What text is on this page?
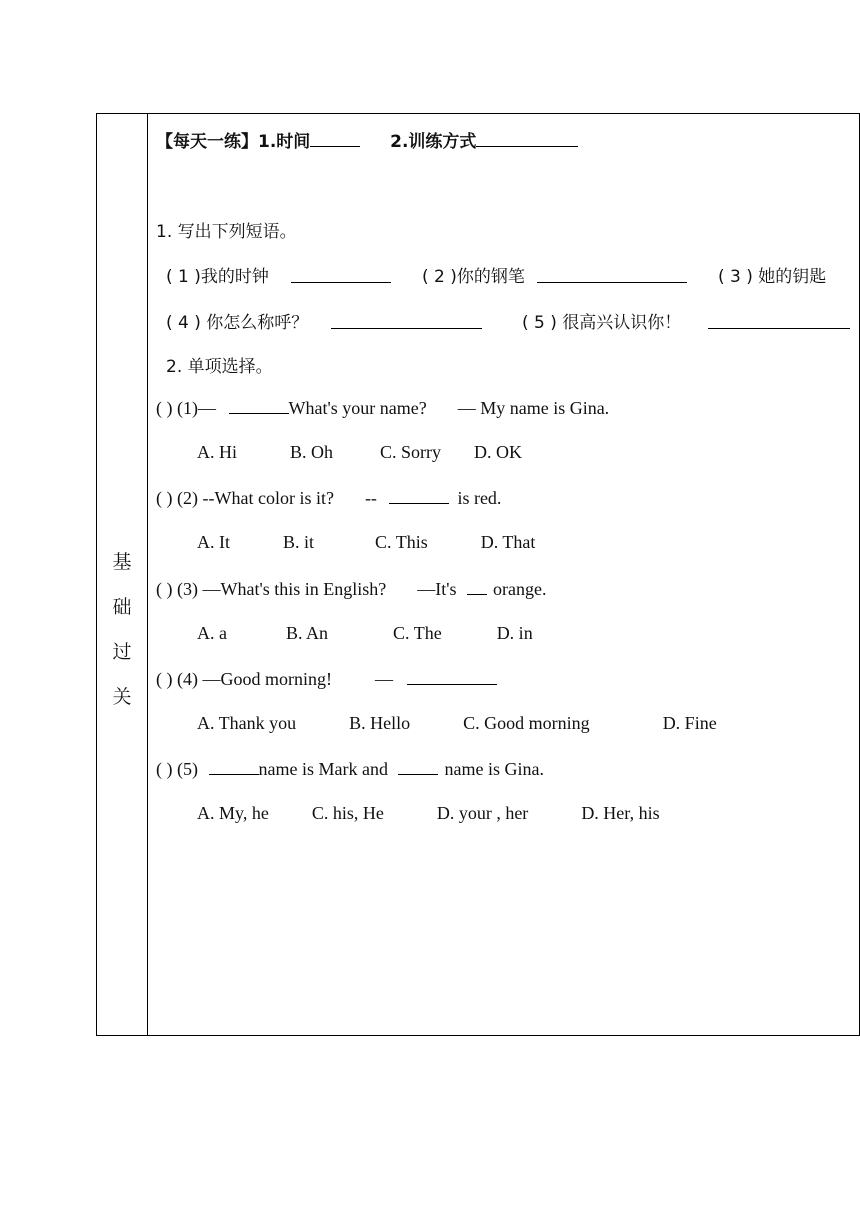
基
础
过
关
【每天一练】1.时间	2.训练方式
1. 写出下列短语。
( 1 )我的时钟	( 2 )你的钢笔	( 3 ) 她的钥匙
( 4 ) 你怎么称呼？	( 5 ) 很高兴认识你！
2. 单项选择。
( ) (1)—	What's your name? — My name is Gina.
A. Hi	B. Oh	C. Sorry D. OK
( ) (2) --What color is it? --	is red.
A. It	B. it	C. This	D. That
( ) (3) —What's this in English? —It's orange.
A. a	B. An	C. The	D. in
( ) (4) —Good morning! —
A. Thank you	B. Hello	C. Good morning	D. Fine
( ) (5)	name is Mark and	name is Gina.
A. My, he C. his, He	D. your , her	D. Her, his
